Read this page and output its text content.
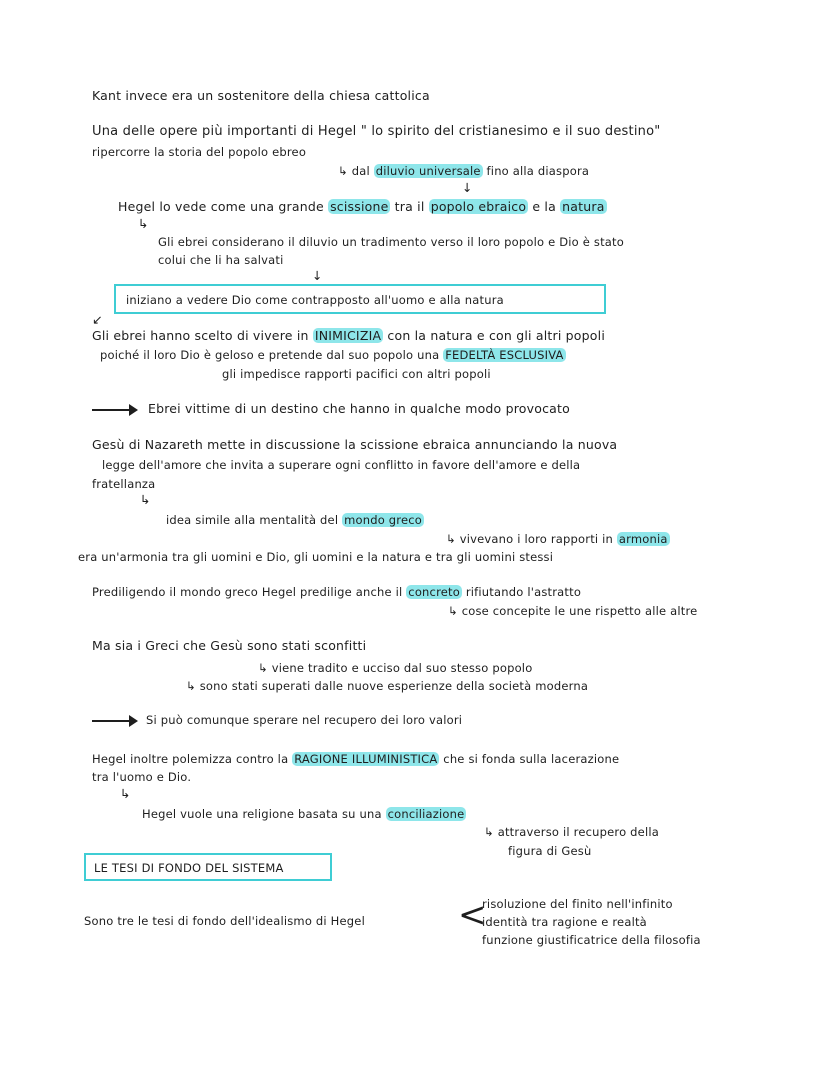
Kant invece era un sostenitore della chiesa cattolica
Una delle opere più importanti di Hegel " lo spirito del cristianesimo e il suo destino"
ripercorre la storia del popolo ebreo
↳ dal diluvio universale fino alla diaspora
↓
Hegel lo vede come una grande scissione tra il popolo ebraico e la natura
↳
Gli ebrei considerano il diluvio un tradimento verso il loro popolo e Dio è stato
colui che li ha salvati
↓
iniziano a vedere Dio come contrapposto all'uomo e alla natura
↙
Gli ebrei hanno scelto di vivere in INIMICIZIA con la natura e con gli altri popoli
poiché il loro Dio è geloso e pretende dal suo popolo una FEDELTÀ ESCLUSIVA
gli impedisce rapporti pacifici con altri popoli
Ebrei vittime di un destino che hanno in qualche modo provocato
Gesù di Nazareth mette in discussione la scissione ebraica annunciando la nuova
legge dell'amore che invita a superare ogni conflitto in favore dell'amore e della
fratellanza
↳
idea simile alla mentalità del mondo greco
↳ vivevano i loro rapporti in armonia
era un'armonia tra gli uomini e Dio, gli uomini e la natura e tra gli uomini stessi
Prediligendo il mondo greco Hegel predilige anche il concreto rifiutando l'astratto
↳ cose concepite le une rispetto alle altre
Ma sia i Greci che Gesù sono stati sconfitti
↳ viene tradito e ucciso dal suo stesso popolo
↳ sono stati superati dalle nuove esperienze della società moderna
Si può comunque sperare nel recupero dei loro valori
Hegel inoltre polemizza contro la RAGIONE ILLUMINISTICA che si fonda sulla lacerazione
tra l'uomo e Dio.
↳
Hegel vuole una religione basata su una conciliazione
↳ attraverso il recupero della
figura di Gesù
LE TESI DI FONDO DEL SISTEMA
Sono tre le tesi di fondo dell'idealismo di Hegel	<
risoluzione del finito nell'infinito
identità tra ragione e realtà
funzione giustificatrice della filosofia
